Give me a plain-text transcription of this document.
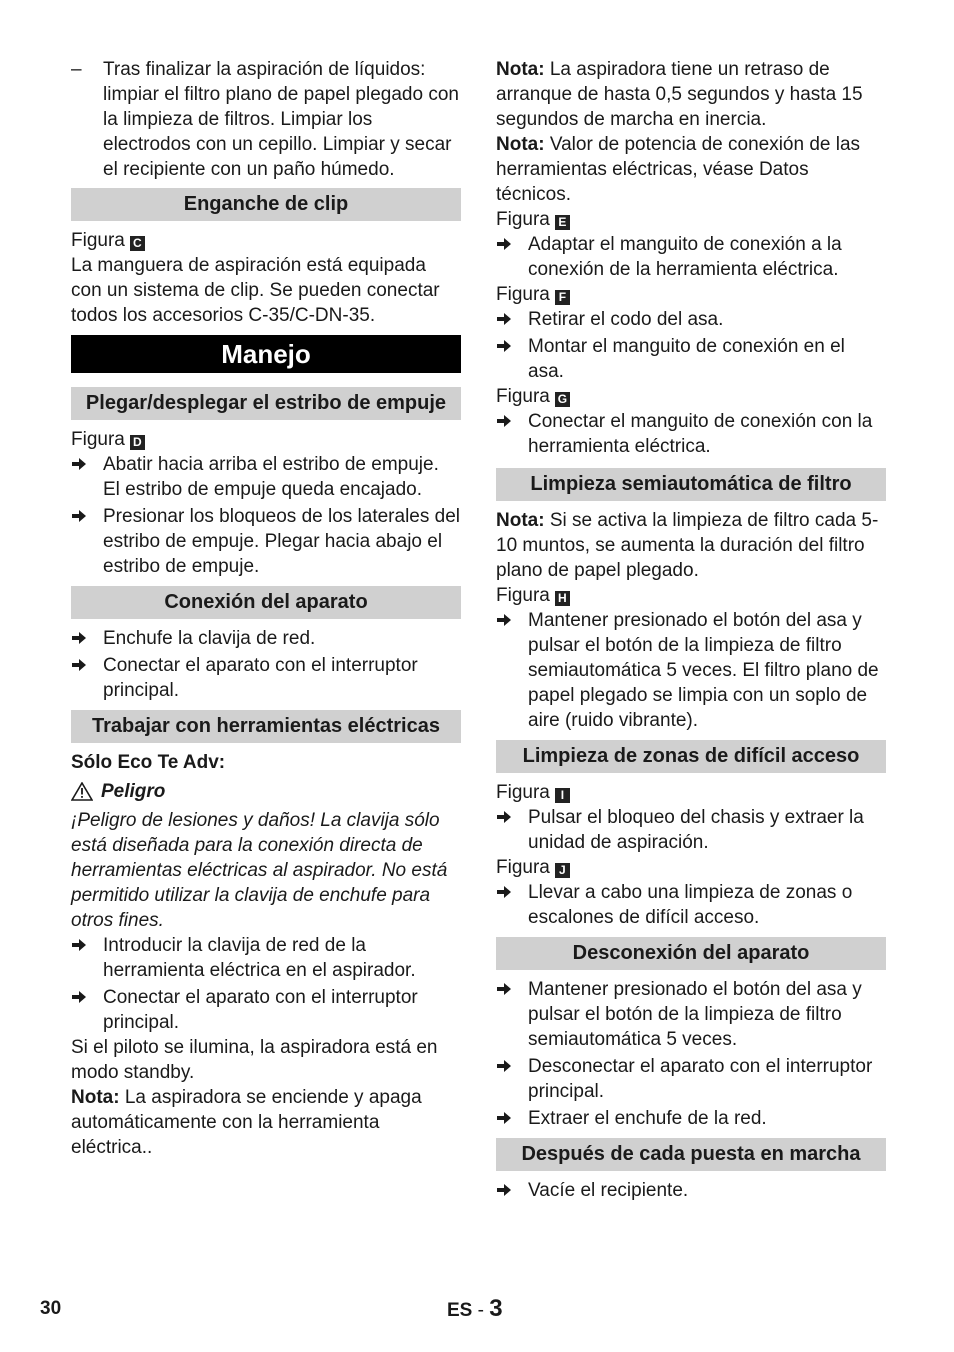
–	Tras finalizar la aspiración de líquidos: limpiar el filtro plano de papel plegado con la limpieza de filtros. Limpiar los electrodos con un cepillo. Limpiar y secar el recipiente con un paño húmedo.
Enganche de clip

Figura C

La manguera de aspiración está equipada con un sistema de clip. Se pueden conectar todos los accesorios C-35/C-DN-35.

Manejo
Plegar/desplegar el estribo de empuje

Figura D

Abatir hacia arriba el estribo de empuje. El estribo de empuje queda encajado.
Presionar los bloqueos de los laterales del estribo de empuje. Plegar hacia abajo el estribo de empuje.
Conexión del aparato
Enchufe la clavija de red.
Conectar el aparato con el interruptor principal.
Trabajar con herramientas eléctricas

Sólo Eco Te Adv:

Peligro

¡Peligro de lesiones y daños! La clavija sólo está diseñada para la conexión directa de herramientas eléctricas al aspirador. No está permitido utilizar la clavija de enchufe para otros fines.

Introducir la clavija de red de la herramienta eléctrica en el aspirador.
Conectar el aparato con el interruptor principal.

Si el piloto se ilumina, la aspiradora está en modo standby.

Nota: La aspiradora se enciende y apaga automáticamente con la herramienta eléctrica..

Nota: La aspiradora tiene un retraso de arranque de hasta 0,5 segundos y hasta 15 segundos de marcha en inercia.

Nota: Valor de potencia de conexión de las herramientas eléctricas, véase Datos técnicos.

Figura E

Adaptar el manguito de conexión a la conexión de la herramienta eléctrica.

Figura F

Retirar el codo del asa.
Montar el manguito de conexión en el asa.

Figura G

Conectar el manguito de conexión con la herramienta eléctrica.
Limpieza semiautomática de filtro

Nota: Si se activa la limpieza de filtro cada 5-10 muntos, se aumenta la duración del filtro plano de papel plegado.

Figura H

Mantener presionado el botón del asa y pulsar el botón de la limpieza de filtro semiautomática 5 veces. El filtro plano de papel plegado se limpia con un soplo de aire (ruido vibrante).
Limpieza de zonas de difícil acceso

Figura I

Pulsar el bloqueo del chasis y extraer la unidad de aspiración.

Figura J

Llevar a cabo una limpieza de zonas o escalones de difícil acceso.
Desconexión del aparato
Mantener presionado el botón del asa y pulsar el botón de la limpieza de filtro semiautomática 5 veces.
Desconectar el aparato con el interruptor principal.
Extraer el enchufe de la red.
Después de cada puesta en marcha
Vacíe el recipiente.
30	ES - 3
